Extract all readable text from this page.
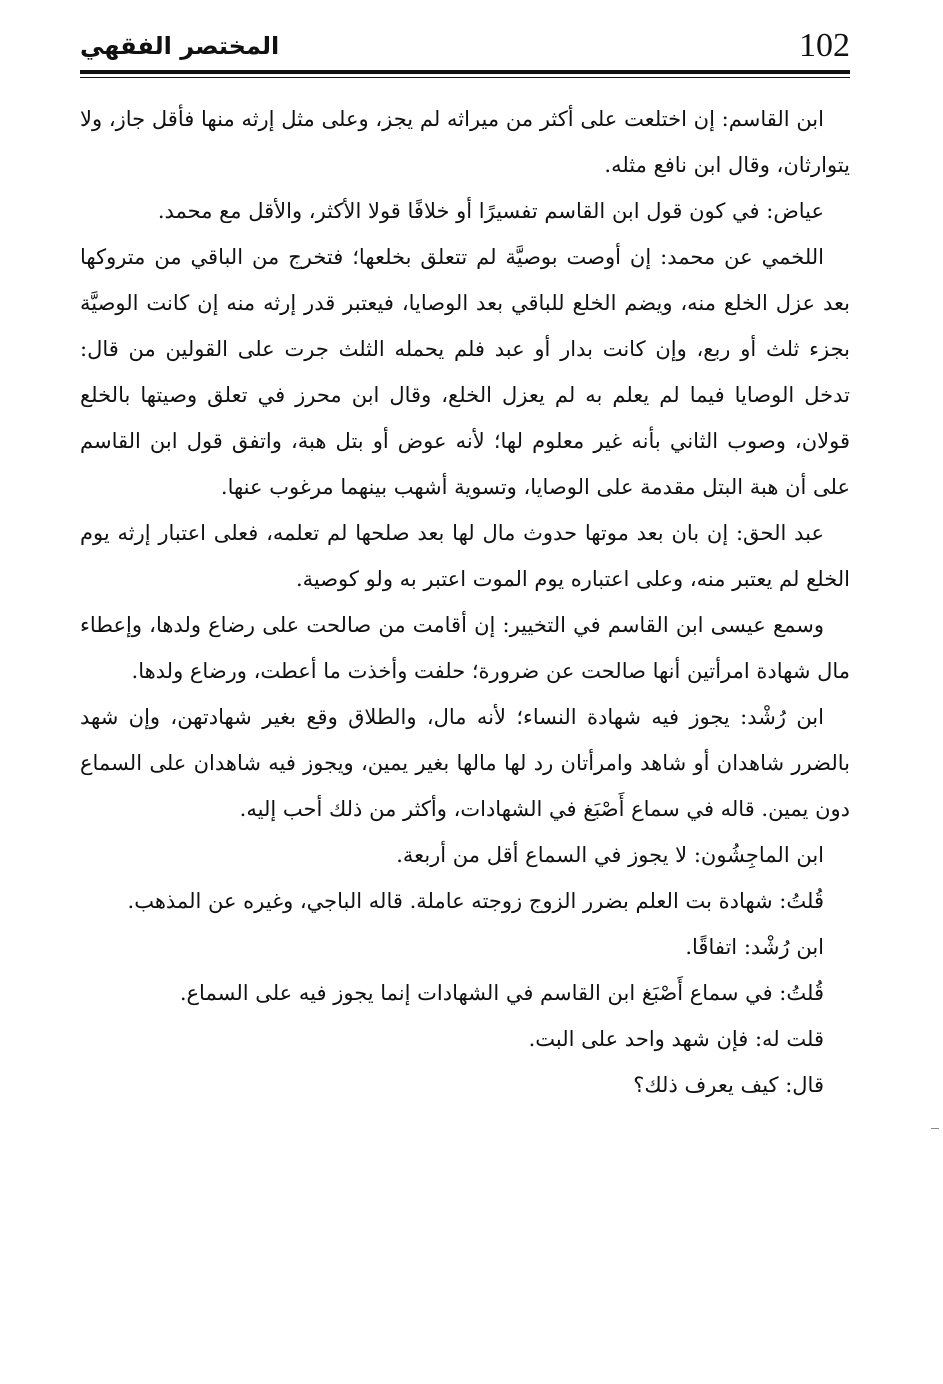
102
المختصر الفقهي

ابن القاسم: إن اختلعت على أكثر من ميراثه لم يجز، وعلى مثل إرثه منها فأقل جاز، ولا يتوارثان، وقال ابن نافع مثله.

عياض: في كون قول ابن القاسم تفسيرًا أو خلافًا قولا الأكثر، والأقل مع محمد.

اللخمي عن محمد: إن أوصت بوصيَّة لم تتعلق بخلعها؛ فتخرج من الباقي من متروكها بعد عزل الخلع منه، ويضم الخلع للباقي بعد الوصايا، فيعتبر قدر إرثه منه إن كانت الوصيَّة بجزء ثلث أو ربع، وإن كانت بدار أو عبد فلم يحمله الثلث جرت على القولين من قال: تدخل الوصايا فيما لم يعلم به لم يعزل الخلع، وقال ابن محرز في تعلق وصيتها بالخلع قولان، وصوب الثاني بأنه غير معلوم لها؛ لأنه عوض أو بتل هبة، واتفق قول ابن القاسم على أن هبة البتل مقدمة على الوصايا، وتسوية أشهب بينهما مرغوب عنها.

عبد الحق: إن بان بعد موتها حدوث مال لها بعد صلحها لم تعلمه، فعلى اعتبار إرثه يوم الخلع لم يعتبر منه، وعلى اعتباره يوم الموت اعتبر به ولو كوصية.

وسمع عيسى ابن القاسم في التخيير: إن أقامت من صالحت على رضاع ولدها، وإعطاء مال شهادة امرأتين أنها صالحت عن ضرورة؛ حلفت وأخذت ما أعطت، ورضاع ولدها.

ابن رُشْد: يجوز فيه شهادة النساء؛ لأنه مال، والطلاق وقع بغير شهادتهن، وإن شهد بالضرر شاهدان أو شاهد وامرأتان رد لها مالها بغير يمين، ويجوز فيه شاهدان على السماع دون يمين. قاله في سماع أَصْبَغ في الشهادات، وأكثر من ذلك أحب إليه.

ابن الماجِشُون: لا يجوز في السماع أقل من أربعة.

قُلتُ: شهادة بت العلم بضرر الزوج زوجته عاملة. قاله الباجي، وغيره عن المذهب.

ابن رُشْد: اتفاقًا.

قُلتُ: في سماع أَصْبَغ ابن القاسم في الشهادات إنما يجوز فيه على السماع.

قلت له: فإن شهد واحد على البت.

قال: كيف يعرف ذلك؟
